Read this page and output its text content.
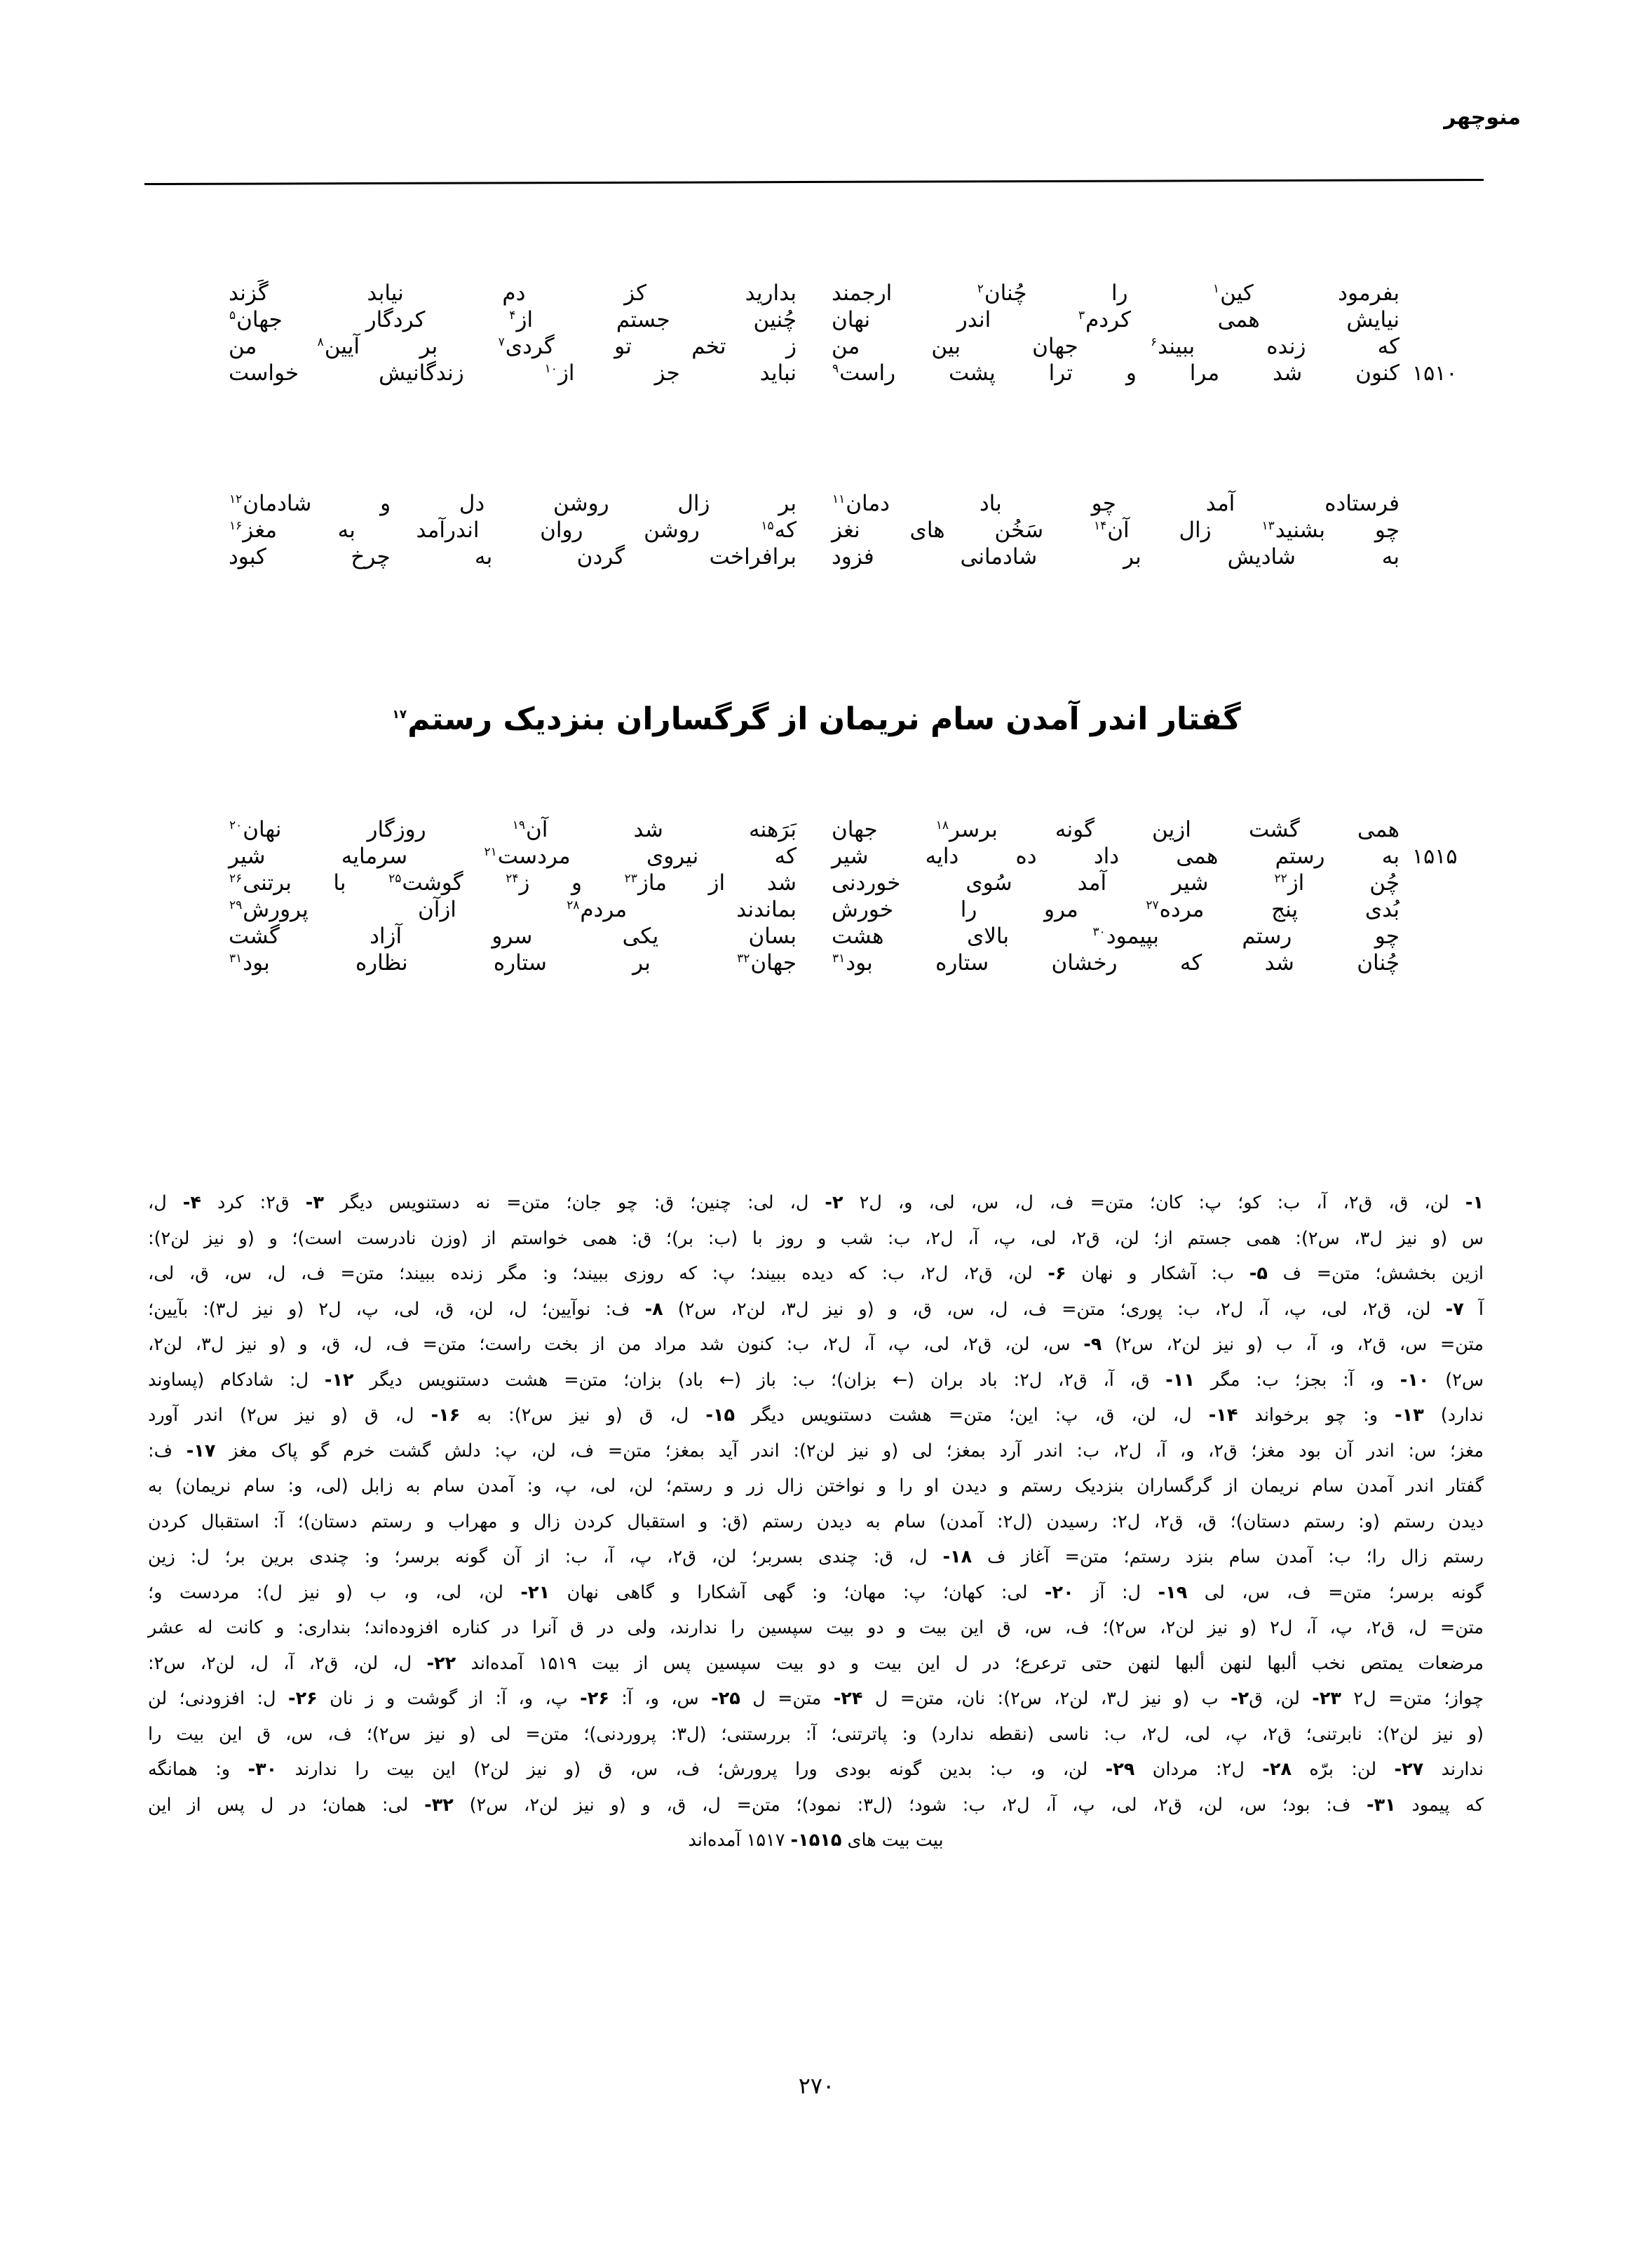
منوچهر
بفرمود کین$^۱$ را چُنان$^۲$ ارجمند
بدارید کز دم نیابد گَزند
نیایش همی کردم$^۳$ اندر نهان
چُنین جستم از$^۴$ کردگار جهان$^۵$
که زنده ببیند$^۶$ جهان بین من
ز تخم تو گردی$^۷$ بر آیین$^۸$ من
۱۵۱۰
کنون شد مرا و ترا پشت راست$^۹$
نباید جز از$^{۱۰}$ زندگانیش خواست
فرستاده آمد چو باد دمان$^{۱۱}$
بر زال روشن دل و شادمان$^{۱۲}$
چو بشنید$^{۱۳}$ زال آن$^{۱۴}$ سَخُن های نغز
که$^{۱۵}$ روشن روان اندرآمد به مغز$^{۱۶}$
به شادیش بر شادمانی فزود
برافراخت گردن به چرخ کبود
گفتار اندر آمدن سام نریمان از گرگساران بنزدیک رستم$^{۱۷}$
همی گشت ازین گونه برسر$^{۱۸}$ جهان
بَرَهنه شد آن$^{۱۹}$ روزگار نهان$^{۲۰}$
۱۵۱۵
به رستم همی داد ده دایه شیر
که نیروی مردست$^{۲۱}$ سرمایه شیر
چُن از$^{۲۲}$ شیر آمد سُوی خوردنی
شد از ماز$^{۲۳}$ و ز$^{۲۴}$ گوشت$^{۲۵}$ با برتنی$^{۲۶}$
بُدی پنج مرده$^{۲۷}$ مرو را خورش
بماندند مردم$^{۲۸}$ ازآن پرورش$^{۲۹}$
چو رستم بپیمود$^{۳۰}$ بالای هشت
بسان یکی سرو آزاد گشت
چُنان شد که رخشان ستاره بود$^{۳۱}$
جهان$^{۳۲}$ بر ستاره نظاره بود$^{۳۱}$
۱- لن، ق، ق۲، آ، ب: کو؛ پ: کان؛ متن= ف، ل، س، لی، و، ل۲ ۲- ل، لی: چنین؛ ق: چو جان؛ متن= نه دستنویس دیگر ۳- ق۲: کرد ۴- ل،
س (و نیز ل۳، س۲): همی جستم از؛ لن، ق۲، لی، پ، آ، ل۲، ب: شب و روز با (ب: بر)؛ ق: همی خواستم از (وزن نادرست است)؛ و (و نیز لن۲):
ازین بخشش؛ متن= ف ۵- ب: آشکار و نهان ۶- لن، ق۲، ل۲، ب: که دیده ببیند؛ پ: که روزی ببیند؛ و: مگر زنده ببیند؛ متن= ف، ل، س، ق، لی،
آ ۷- لن، ق۲، لی، پ، آ، ل۲، ب: پوری؛ متن= ف، ل، س، ق، و (و نیز ل۳، لن۲، س۲) ۸- ف: نوآیین؛ ل، لن، ق، لی، پ، ل۲ (و نیز ل۳): بآیین؛
متن= س، ق۲، و، آ، ب (و نیز لن۲، س۲) ۹- س، لن، ق۲، لی، پ، آ، ل۲، ب: کنون شد مراد من از بخت راست؛ متن= ف، ل، ق، و (و نیز ل۳، لن۲،
س۲) ۱۰- و، آ: بجز؛ ب: مگر ۱۱- ق، آ، ق۲، ل۲: باد بران (← بزان)؛ ب: باز (← باد) بزان؛ متن= هشت دستنویس دیگر ۱۲- ل: شادکام (پساوند
ندارد) ۱۳- و: چو برخواند ۱۴- ل، لن، ق، پ: این؛ متن= هشت دستنویس دیگر ۱۵- ل، ق (و نیز س۲): به ۱۶- ل، ق (و نیز س۲) اندر آورد
مغز؛ س: اندر آن بود مغز؛ ق۲، و، آ، ل۲، ب: اندر آرد بمغز؛ لی (و نیز لن۲): اندر آید بمغز؛ متن= ف، لن، پ: دلش گشت خرم گو پاک مغز ۱۷- ف:
گفتار اندر آمدن سام نریمان از گرگساران بنزدیک رستم و دیدن او را و نواختن زال زر و رستم؛ لن، لی، پ، و: آمدن سام به زابل (لی، و: سام نریمان) به
دیدن رستم (و: رستم دستان)؛ ق، ق۲، ل۲: رسیدن (ل۲: آمدن) سام به دیدن رستم (ق: و استقبال کردن زال و مهراب و رستم دستان)؛ آ: استقبال کردن
رستم زال را؛ ب: آمدن سام بنزد رستم؛ متن= آغاز ف ۱۸- ل، ق: چندی بسربر؛ لن، ق۲، پ، آ، ب: از آن گونه برسر؛ و: چندی برین بر؛ ل: زین
گونه برسر؛ متن= ف، س، لی ۱۹- ل: آز ۲۰- لی: کهان؛ پ: مهان؛ و: گهی آشکارا و گاهی نهان ۲۱- لن، لی، و، ب (و نیز ل): مردست و؛
متن= ل، ق۲، پ، آ، ل۲ (و نیز لن۲، س۲)؛ ف، س، ق این بیت و دو بیت سپسین را ندارند، ولی در ق آنرا در کناره افزوده‌اند؛ بنداری: و کانت له عشر
مرضعات یمتص نخب ألبها لنهن ألبها لنهن حتی ترعرع؛ در ل این بیت و دو بیت سپسین پس از بیت ۱۵۱۹ آمده‌اند ۲۲- ل، لن، ق۲، آ، ل، لن۲، س۲:
چواز؛ متن= ل۲ ۲۳- لن، ق۲- ب (و نیز ل۳، لن۲، س۲): نان، متن= ل ۲۴- متن= ل ۲۵- س، و، آ: ۲۶- پ، و، آ: از گوشت و ز نان ۲۶- ل: افزودنی؛ لن
(و نیز لن۲): نابرتنی؛ ق۲، پ، لی، ل۲، ب: ناسی (نقطه ندارد) و: پاترتنی؛ آ: بررستنی؛ (ل۳: پروردنی)؛ متن= لی (و نیز س۲)؛ ف، س، ق این بیت را
ندارند ۲۷- لن: برّه ۲۸- ل۲: مردان ۲۹- لن، و، ب: بدین گونه بودی ورا پرورش؛ ف، س، ق (و نیز لن۲) این بیت را ندارند ۳۰- و: همانگه
که پیمود ۳۱- ف: بود؛ س، لن، ق۲، لی، پ، آ، ل۲، ب: شود؛ (ل۳: نمود)؛ متن= ل، ق، و (و نیز لن۲، س۲) ۳۲- لی: همان؛ در ل پس از این
بیت بیت های ۱۵۱۵- ۱۵۱۷ آمده‌اند
۲۷۰
